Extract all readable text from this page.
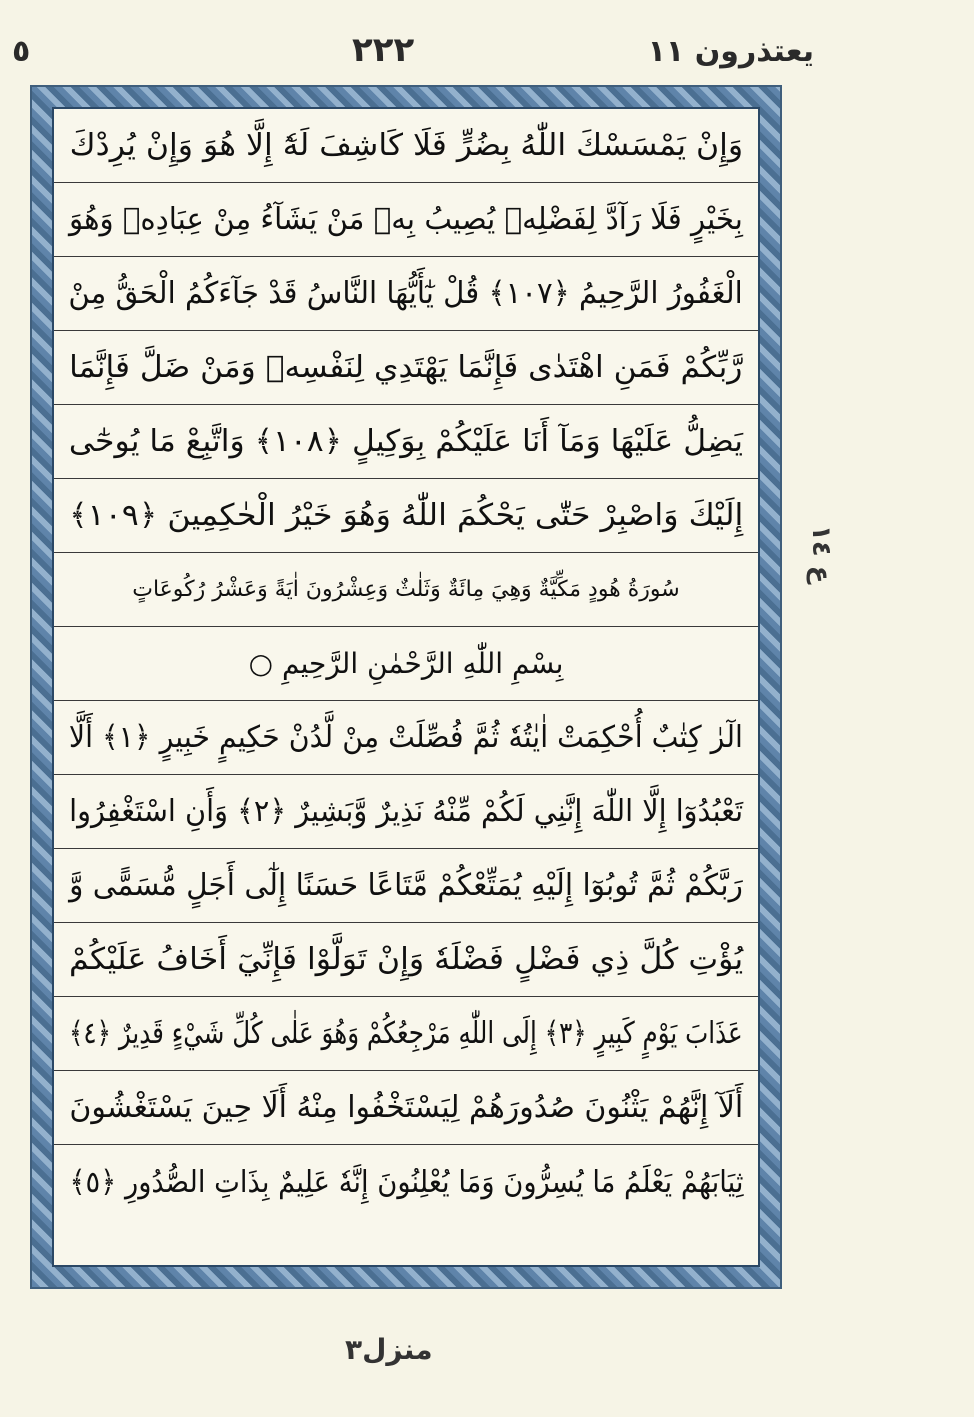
٥	٢٢٢	يعتذرون ١١
وَإِنْ يَمْسَسْكَ اللّٰهُ بِضُرٍّ فَلَا كَاشِفَ لَهٗٓ إِلَّا هُوَ وَإِنْ يُرِدْكَ
بِخَيْرٍ فَلَا رَآدَّ لِفَضْلِهٖ يُصِيبُ بِهٖ مَنْ يَشَآءُ مِنْ عِبَادِهٖ وَهُوَ
الْغَفُورُ الرَّحِيمُ ﴿١٠٧﴾ قُلْ يٰٓأَيُّهَا النَّاسُ قَدْ جَآءَكُمُ الْحَقُّ مِنْ
رَّبِّكُمْ فَمَنِ اهْتَدٰى فَإِنَّمَا يَهْتَدِي لِنَفْسِهٖ وَمَنْ ضَلَّ فَإِنَّمَا
يَضِلُّ عَلَيْهَا وَمَآ أَنَا عَلَيْكُمْ بِوَكِيلٍ ﴿١٠٨﴾ وَاتَّبِعْ مَا يُوحٰٓى
إِلَيْكَ وَاصْبِرْ حَتّٰى يَحْكُمَ اللّٰهُ وَهُوَ خَيْرُ الْحٰكِمِينَ ﴿١٠٩﴾
سُورَةُ هُودٍ مَكِّيَّةٌ وَهِيَ مِائَةٌ وَثَلٰثٌ وَعِشْرُونَ اٰيَةً وَعَشْرُ رُكُوعَاتٍ
بِسْمِ اللّٰهِ الرَّحْمٰنِ الرَّحِيمِ ○
الٓرٰ كِتٰبٌ أُحْكِمَتْ اٰيٰتُهٗ ثُمَّ فُصِّلَتْ مِنْ لَّدُنْ حَكِيمٍ خَبِيرٍ ﴿١﴾ أَلَّا
تَعْبُدُوٓا إِلَّا اللّٰهَ إِنَّنِي لَكُمْ مِّنْهُ نَذِيرٌ وَّبَشِيرٌ ﴿٢﴾ وَأَنِ اسْتَغْفِرُوا
رَبَّكُمْ ثُمَّ تُوبُوٓا إِلَيْهِ يُمَتِّعْكُمْ مَّتَاعًا حَسَنًا إِلٰٓى أَجَلٍ مُّسَمًّى وَّ
يُؤْتِ كُلَّ ذِي فَضْلٍ فَضْلَهٗ وَإِنْ تَوَلَّوْا فَإِنِّيٓ أَخَافُ عَلَيْكُمْ
عَذَابَ يَوْمٍ كَبِيرٍ ﴿٣﴾ إِلَى اللّٰهِ مَرْجِعُكُمْ وَهُوَ عَلٰى كُلِّ شَيْءٍ قَدِيرٌ ﴿٤﴾
أَلَآ إِنَّهُمْ يَثْنُونَ صُدُورَهُمْ لِيَسْتَخْفُوا مِنْهُ أَلَا حِينَ يَسْتَغْشُونَ
ثِيَابَهُمْ يَعْلَمُ مَا يُسِرُّونَ وَمَا يُعْلِنُونَ إِنَّهٗ عَلِيمٌ بِذَاتِ الصُّدُورِ ﴿٥﴾
ع ١٤
منزل٣
